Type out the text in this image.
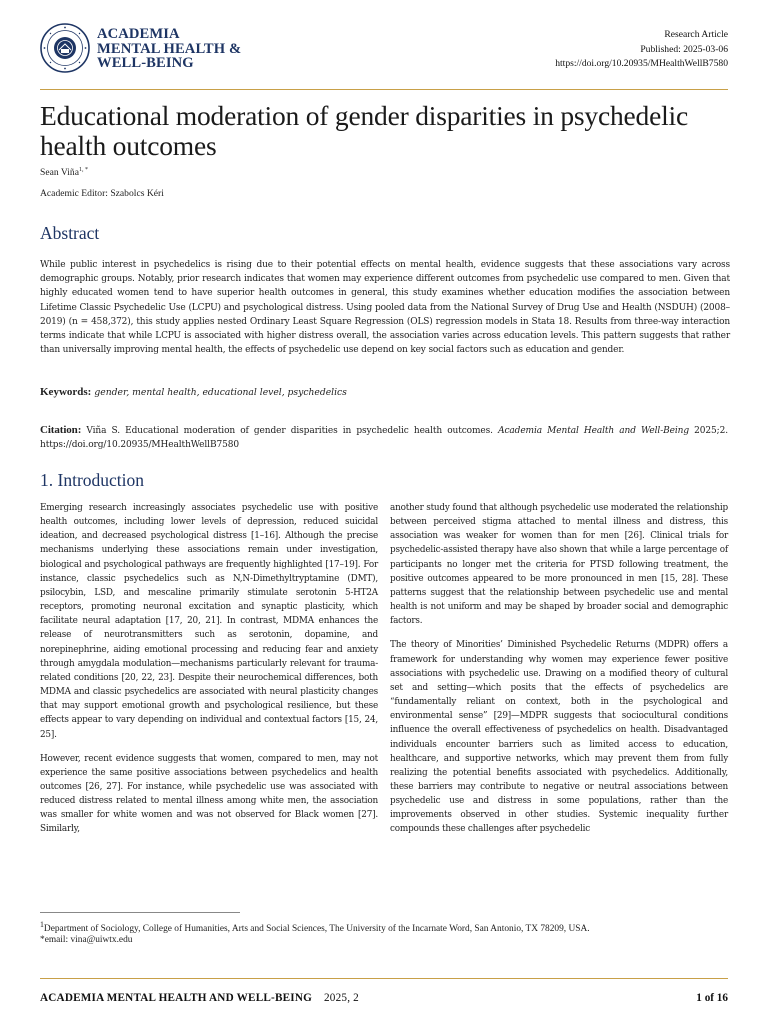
ACADEMIA
MENTAL HEALTH &
WELL-BEING
Research Article
Published: 2025-03-06
https://doi.org/10.20935/MHealthWellB7580
Educational moderation of gender disparities in psychedelic health outcomes
Sean Viña$^{1, *}$
Academic Editor: Szabolcs Kéri
Abstract

While public interest in psychedelics is rising due to their potential effects on mental health, evidence suggests that these associations vary across demographic groups. Notably, prior research indicates that women may experience different outcomes from psychedelic use compared to men. Given that highly educated women tend to have superior health outcomes in general, this study examines whether education modifies the association between Lifetime Classic Psychedelic Use (LCPU) and psychological distress. Using pooled data from the National Survey of Drug Use and Health (NSDUH) (2008–2019) (n = 458,372), this study applies nested Ordinary Least Square Regression (OLS) regression models in Stata 18. Results from three-way interaction terms indicate that while LCPU is associated with higher distress overall, the association varies across education levels. This pattern suggests that rather than universally improving mental health, the effects of psychedelic use depend on key social factors such as education and gender.

Keywords: gender, mental health, educational level, psychedelics
Citation: Viña S. Educational moderation of gender disparities in psychedelic health outcomes. Academia Mental Health and Well-Being 2025;2. https://doi.org/10.20935/MHealthWellB7580
1. Introduction

Emerging research increasingly associates psychedelic use with positive health outcomes, including lower levels of depression, reduced suicidal ideation, and decreased psychological distress [1–16]. Although the precise mechanisms underlying these associations remain under investigation, biological and psychological pathways are frequently highlighted [17–19]. For instance, classic psychedelics such as N,N-Dimethyltryptamine (DMT), psilocybin, LSD, and mescaline primarily stimulate serotonin 5-HT2A receptors, promoting neuronal excitation and synaptic plasticity, which facilitate neural adaptation [17, 20, 21]. In contrast, MDMA enhances the release of neurotransmitters such as serotonin, dopamine, and norepinephrine, aiding emotional processing and reducing fear and anxiety through amygdala modulation—mechanisms particularly relevant for trauma-related conditions [20, 22, 23]. Despite their neurochemical differences, both MDMA and classic psychedelics are associated with neural plasticity changes that may support emotional growth and psychological resilience, but these effects appear to vary depending on individual and contextual factors [15, 24, 25].

However, recent evidence suggests that women, compared to men, may not experience the same positive associations between psychedelics and health outcomes [26, 27]. For instance, while psychedelic use was associated with reduced distress related to mental illness among white men, the association was smaller for white women and was not observed for Black women [27]. Similarly,

another study found that although psychedelic use moderated the relationship between perceived stigma attached to mental illness and distress, this association was weaker for women than for men [26]. Clinical trials for psychedelic-assisted therapy have also shown that while a large percentage of participants no longer met the criteria for PTSD following treatment, the positive outcomes appeared to be more pronounced in men [15, 28]. These patterns suggest that the relationship between psychedelic use and mental health is not uniform and may be shaped by broader social and demographic factors.

The theory of Minorities’ Diminished Psychedelic Returns (MDPR) offers a framework for understanding why women may experience fewer positive associations with psychedelic use. Drawing on a modified theory of cultural set and setting—which posits that the effects of psychedelics are “fundamentally reliant on context, both in the psychological and environmental sense” [29]—MDPR suggests that sociocultural conditions influence the overall effectiveness of psychedelics on health. Disadvantaged individuals encounter barriers such as limited access to education, healthcare, and supportive networks, which may prevent them from fully realizing the potential benefits associated with psychedelics. Additionally, these barriers may contribute to negative or neutral associations between psychedelic use and distress in some populations, rather than the improvements observed in other studies. Systemic inequality further compounds these challenges after psychedelic

$^1$Department of Sociology, College of Humanities, Arts and Social Sciences, The University of the Incarnate Word, San Antonio, TX 78209, USA.
*email: vina@uiwtx.edu
ACADEMIA MENTAL HEALTH AND WELL-BEING 2025, 2	1 of 16
